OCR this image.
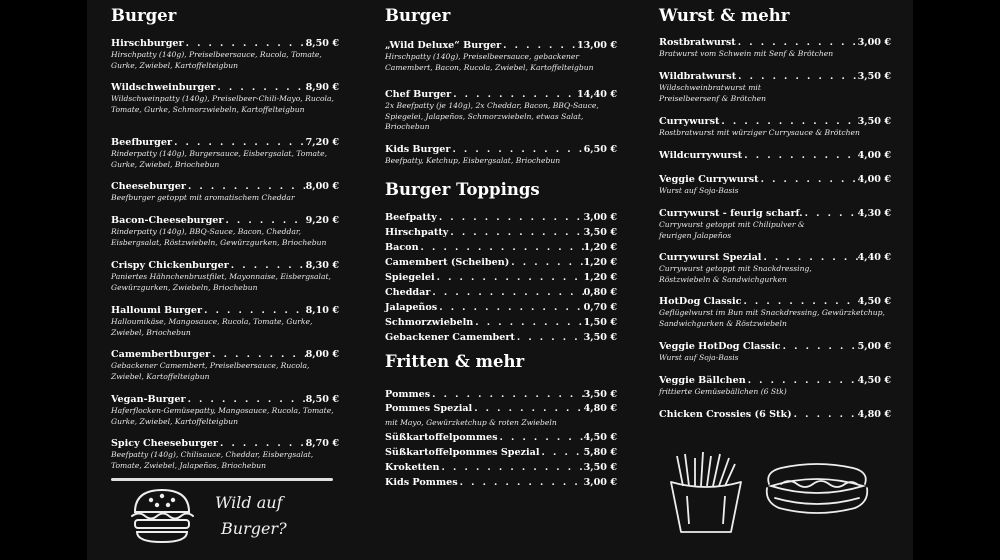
Burger
Hirschburger . . .	8,50 €
Hirschpatty (140g), Preiselbeersauce, Rucola, Tomate, Gurke, Zwiebel, Kartoffelteigbun
Wildschweinburger . . .	8,90 €
Wildschweinpatty (140g), Preiselbeer-Chili-Mayo, Rucola, Tomate, Gurke, Schmorzwiebeln, Kartoffelteigbun
Beefburger . . .	7,20 €
Rinderpatty (140g), Burgersauce, Eisbergsalat, Tomate, Gurke, Zwiebel, Briochebun
Cheeseburger . . .	8,00 €
Beefburger getoppt mit aromatischem Cheddar
Bacon-Cheeseburger . . .	9,20 €
Rinderpatty (140g), BBQ-Sauce, Bacon, Cheddar, Eisbergsalat, Röstzwiebeln, Gewürzgurken, Briochebun
Crispy Chickenburger . . .	8,30 €
Paniertes Hähnchenbrustfilet, Mayonnaise, Eisbergsalat, Gewürzgurken, Zwiebeln, Briochebun
Halloumi Burger . . .	8,10 €
Halloumikäse, Mangosauce, Rucola, Tomate, Gurke, Zwiebel, Briochebun
Camembertburger . . .	8,00 €
Gebackener Camembert, Preiselbeersauce, Rucola, Zwiebel, Kartoffelteigbun
Vegan-Burger . . .	8,50 €
Haferflocken-Gemüsepatty, Mangosauce, Rucola, Tomate, Gurke, Zwiebel, Kartoffelteigbun
Spicy Cheeseburger . . .	8,70 €
Beefpatty (140g), Chilisauce, Cheddar, Eisbergsalat, Tomate, Zwiebel, Jalapeños, Briochebun
Wild auf
Burger?
Burger
„Wild Deluxe“ Burger . . .	13,00 €
Hirschpatty (140g), Preiselbeersauce, gebackener Camembert, Bacon, Rucola, Zwiebel, Kartoffelteigbun
Chef Burger . . .	14,40 €
2x Beefpatty (je 140g), 2x Cheddar, Bacon, BBQ-Sauce, Spiegelei, Jalapeños, Schmorzwiebeln, etwas Salat, Briochebun
Kids Burger . . .	6,50 €
Beefpatty, Ketchup, Eisbergsalat, Briochebun
Burger Toppings
Beefpatty . . .	3,00 €
Hirschpatty . . .	3,50 €
Bacon . . .	1,20 €
Camembert (Scheiben) . . .	1,20 €
Spiegelei . . .	1,20 €
Cheddar . . .	0,80 €
Jalapeños . . .	0,70 €
Schmorzwiebeln . . .	1,50 €
Gebackener Camembert . . .	3,50 €
Fritten & mehr
Pommes . . .	3,50 €
Pommes Spezial . . .	4,80 €
mit Mayo, Gewürzketchup & roten Zwiebeln
Süßkartoffelpommes . . .	4,50 €
Süßkartoffelpommes Spezial . . .	5,80 €
Kroketten . . .	3,50 €
Kids Pommes . . .	3,00 €
Wurst & mehr
Rostbratwurst . . .	3,00 €
Bratwurst vom Schwein mit Senf & Brötchen
Wildbratwurst . . .	3,50 €
Wildschweinbratwurst mit Preiselbeersenf & Brötchen
Currywurst . . .	3,50 €
Rostbratwurst mit würziger Currysauce & Brötchen
Wildcurrywurst . . .	4,00 €
Veggie Currywurst . . .	4,00 €
Wurst auf Soja-Basis
Currywurst - feurig scharf. . . .	4,30 €
Currywurst getoppt mit Chilipulver & feurigen Jalapeños
Currywurst Spezial . . .	4,40 €
Currywurst getoppt mit Snackdressing, Röstzwiebeln & Sandwichgurken
HotDog Classic . . .	4,50 €
Geflügelwurst im Bun mit Snackdressing, Gewürzketchup, Sandwichgurken & Röstzwiebeln
Veggie HotDog Classic . . .	5,00 €
Wurst auf Soja-Basis
Veggie Bällchen . . .	4,50 €
frittierte Gemüsebällchen (6 Stk)
Chicken Crossies (6 Stk) . . .	4,80 €
